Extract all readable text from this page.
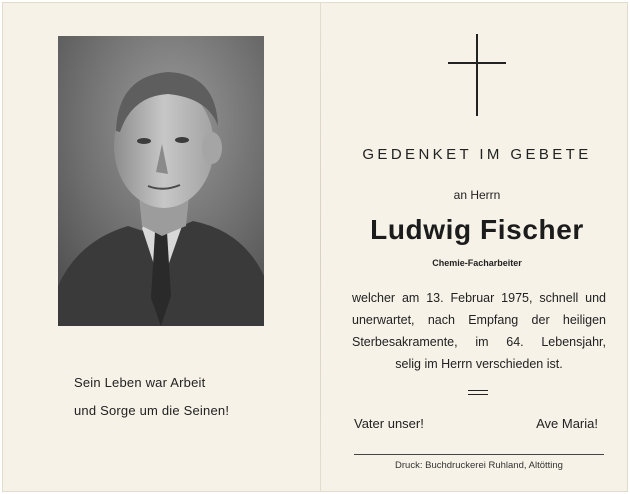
Sein Leben war Arbeit
und Sorge um die Seinen!
GEDENKET IM GEBETE
an Herrn
Ludwig Fischer
Chemie-Facharbeiter
welcher am 13. Februar 1975, schnell und
unerwartet, nach Empfang der heiligen
Sterbesakramente, im 64. Lebensjahr,
selig im Herrn verschieden ist.
Vater unser!	Ave Maria!
Druck: Buchdruckerei Ruhland, Altötting
